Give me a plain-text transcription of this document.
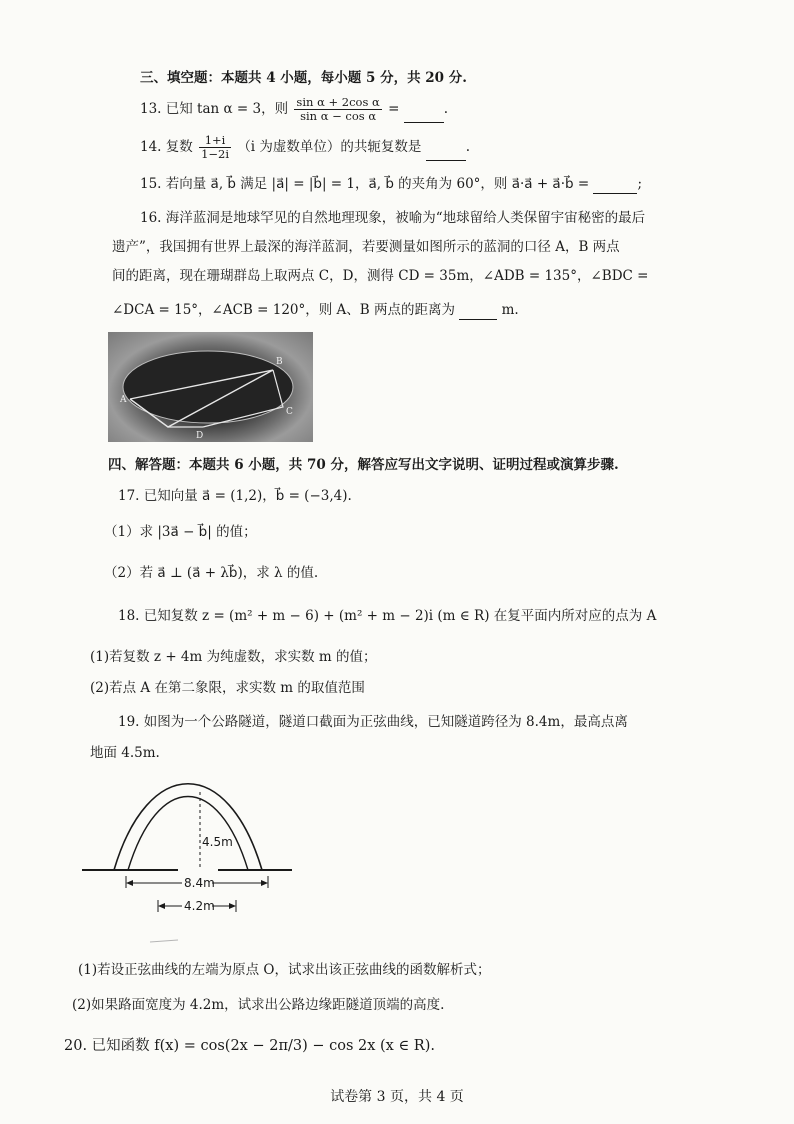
三、填空题：本题共 4 小题，每小题 5 分，共 20 分.
13. 已知 tan α = 3，则 $\frac{\text{sin α + 2cos α}}{\text{sin α − cos α}}$ =	.
14. 复数 $\frac{1+i}{1-2i} (i$ 为虚数单位）的共轭复数是	.
15. 若向量 a⃗, b⃗ 满足 |a⃗| = |b⃗| = 1，a⃗, b⃗ 的夹角为 60°，则 a⃗·a⃗ + a⃗·b⃗ =	;
16. 海洋蓝洞是地球罕见的自然地理现象，被喻为“地球留给人类保留宇宙秘密的最后
遗产”，我国拥有世界上最深的海洋蓝洞，若要测量如图所示的蓝洞的口径 A，B 两点
间的距离，现在珊瑚群岛上取两点 C，D，测得 CD = 35m，∠ADB = 135°，∠BDC =
∠DCA = 15°，∠ACB = 120°，则 A、B 两点的距离为	m.
A
B
C
D
四、解答题：本题共 6 小题，共 70 分，解答应写出文字说明、证明过程或演算步骤.
17. 已知向量 a⃗ = (1,2)，b⃗ = (−3,4).
（1）求 |3a⃗ − b⃗| 的值；
（2）若 a⃗ ⊥ (a⃗ + λb⃗)，求 λ 的值.
18. 已知复数 z = (m² + m − 6) + (m² + m − 2)i (m ∈ R) 在复平面内所对应的点为 A
(1)若复数 z + 4m 为纯虚数，求实数 m 的值；
(2)若点 A 在第二象限，求实数 m 的取值范围
19. 如图为一个公路隧道，隧道口截面为正弦曲线，已知隧道跨径为 8.4m，最高点离
地面 4.5m.
4.5m
8.4m
4.2m
(1)若设正弦曲线的左端为原点 O，试求出该正弦曲线的函数解析式；
(2)如果路面宽度为 4.2m，试求出公路边缘距隧道顶端的高度.
20. 已知函数 f(x) = cos(2x − 2π/3) − cos 2x (x ∈ R).
试卷第 3 页，共 4 页
